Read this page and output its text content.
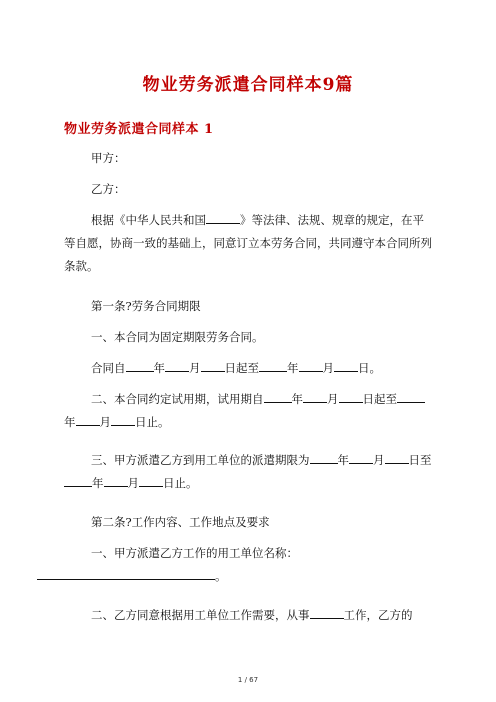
物业劳务派遣合同样本9篇
物业劳务派遣合同样本 1
甲方：
乙方：
根据《中华人民共和国	》等法律、法规、规章的规定，在平等自愿，协商一致的基础上，同意订立本劳务合同，共同遵守本合同所列条款。
第一条?劳务合同期限
一、本合同为固定期限劳务合同。
合同自 年 月 日起至 年 月 日。
二、本合同约定试用期，试用期自 年 月 日起至年 月 日止。
三、甲方派遣乙方到用工单位的派遣期限为 年 月 日至年 月 日止。
第二条?工作内容、工作地点及要求
一、甲方派遣乙方工作的用工单位名称：
。
二、乙方同意根据用工单位工作需要，从事	工作，乙方的
1 / 67
